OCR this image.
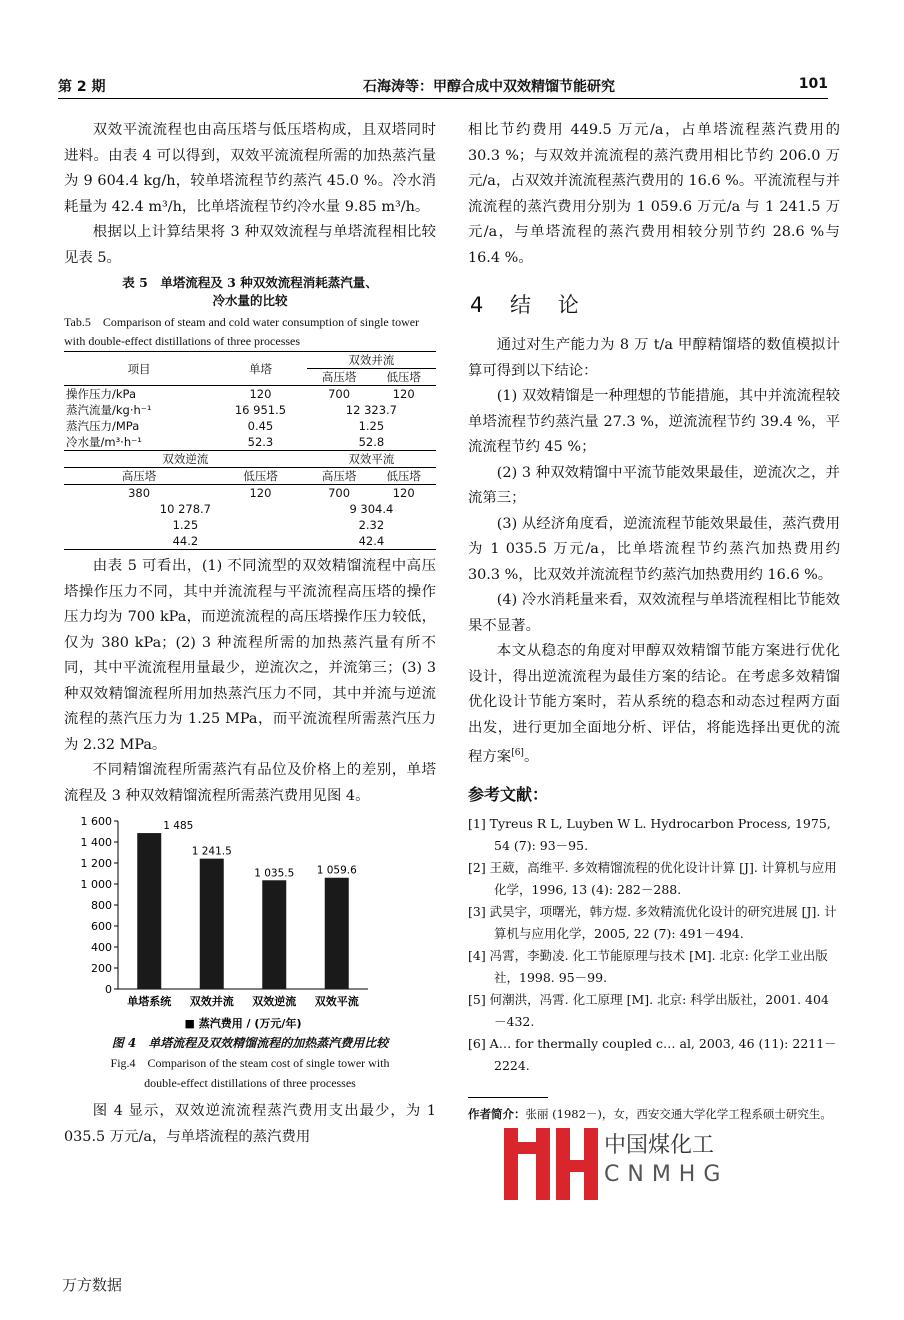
第 2 期	石海涛等：甲醇合成中双效精馏节能研究	101

双效平流流程也由高压塔与低压塔构成，且双塔同时进料。由表 4 可以得到，双效平流流程所需的加热蒸汽量为 9 604.4 kg/h，较单塔流程节约蒸汽 45.0 %。冷水消耗量为 42.4 m³/h，比单塔流程节约冷水量 9.85 m³/h。

根据以上计算结果将 3 种双效流程与单塔流程相比较见表 5。

表 5　单塔流程及 3 种双效流程消耗蒸汽量、
冷水量的比较
Tab.5　Comparison of steam and cold water consumption of single tower with double-effect distillations of three processes
项目	单塔	双效并流	
		高压塔	低压塔
操作压力/kPa	120	700	120
蒸汽流量/kg·h⁻¹	16 951.5	12 323.7	
蒸汽压力/MPa	0.45	1.25	
冷水量/m³·h⁻¹	52.3	52.8	
双效逆流		双效平流	
高压塔	低压塔	高压塔	低压塔
380	120	700	120
10 278.7		9 304.4	
1.25		2.32	
44.2		42.4	

由表 5 可看出，(1) 不同流型的双效精馏流程中高压塔操作压力不同，其中并流流程与平流流程高压塔的操作压力均为 700 kPa，而逆流流程的高压塔操作压力较低，仅为 380 kPa；(2) 3 种流程所需的加热蒸汽量有所不同，其中平流流程用量最少，逆流次之，并流第三；(3) 3 种双效精馏流程所用加热蒸汽压力不同，其中并流与逆流流程的蒸汽压力为 1.25 MPa，而平流流程所需蒸汽压力为 2.32 MPa。

不同精馏流程所需蒸汽有品位及价格上的差别，单塔流程及 3 种双效精馏流程所需蒸汽费用见图 4。

0
200
400
600
800
1 000
1 200
1 400
1 600	1 485
单塔系统
1 241.5
双效并流
1 035.5
双效逆流
1 059.6
双效平流
■ 蒸汽费用 / (万元/年)
图 4　单塔流程及双效精馏流程的加热蒸汽费用比较
Fig.4　Comparison of the steam cost of single tower with
double-effect distillations of three processes

图 4 显示，双效逆流流程蒸汽费用支出最少，为 1 035.5 万元/a，与单塔流程的蒸汽费用

相比节约费用 449.5 万元/a，占单塔流程蒸汽费用的 30.3 %；与双效并流流程的蒸汽费用相比节约 206.0 万元/a，占双效并流流程蒸汽费用的 16.6 %。平流流程与并流流程的蒸汽费用分别为 1 059.6 万元/a 与 1 241.5 万元/a，与单塔流程的蒸汽费用相较分别节约 28.6 %与 16.4 %。

4 结 论

通过对生产能力为 8 万 t/a 甲醇精馏塔的数值模拟计算可得到以下结论：

(1) 双效精馏是一种理想的节能措施，其中并流流程较单塔流程节约蒸汽量 27.3 %，逆流流程节约 39.4 %，平流流程节约 45 %；

(2) 3 种双效精馏中平流节能效果最佳，逆流次之，并流第三；

(3) 从经济角度看，逆流流程节能效果最佳，蒸汽费用为 1 035.5 万元/a，比单塔流程节约蒸汽加热费用约 30.3 %，比双效并流流程节约蒸汽加热费用约 16.6 %。

(4) 冷水消耗量来看，双效流程与单塔流程相比节能效果不显著。

本文从稳态的角度对甲醇双效精馏节能方案进行优化设计，得出逆流流程为最佳方案的结论。在考虑多效精馏优化设计节能方案时，若从系统的稳态和动态过程两方面出发，进行更加全面地分析、评估，将能选择出更优的流程方案[6]。

参考文献：

[1] Tyreus R L, Luyben W L. Hydrocarbon Process, 1975, 54 (7): 93－95.

[2] 王葳，高维平. 多效精馏流程的优化设计计算 [J]. 计算机与应用化学，1996, 13 (4): 282－288.

[3] 武昊宇，项曙光，韩方煜. 多效精流优化设计的研究进展 [J]. 计算机与应用化学，2005, 22 (7): 491－494.

[4] 冯霄，李勤凌. 化工节能原理与技术 [M]. 北京: 化学工业出版社，1998. 95－99.

[5] 何潮洪，冯霄. 化工原理 [M]. 北京: 科学出版社，2001. 404－432.

[6] A… for thermally coupled c… al, 2003, 46 (11): 2211－2224.

作者简介：张丽 (1982－)，女，西安交通大学化学工程系硕士研究生。
中国煤化工
CNMHG
万方数据
